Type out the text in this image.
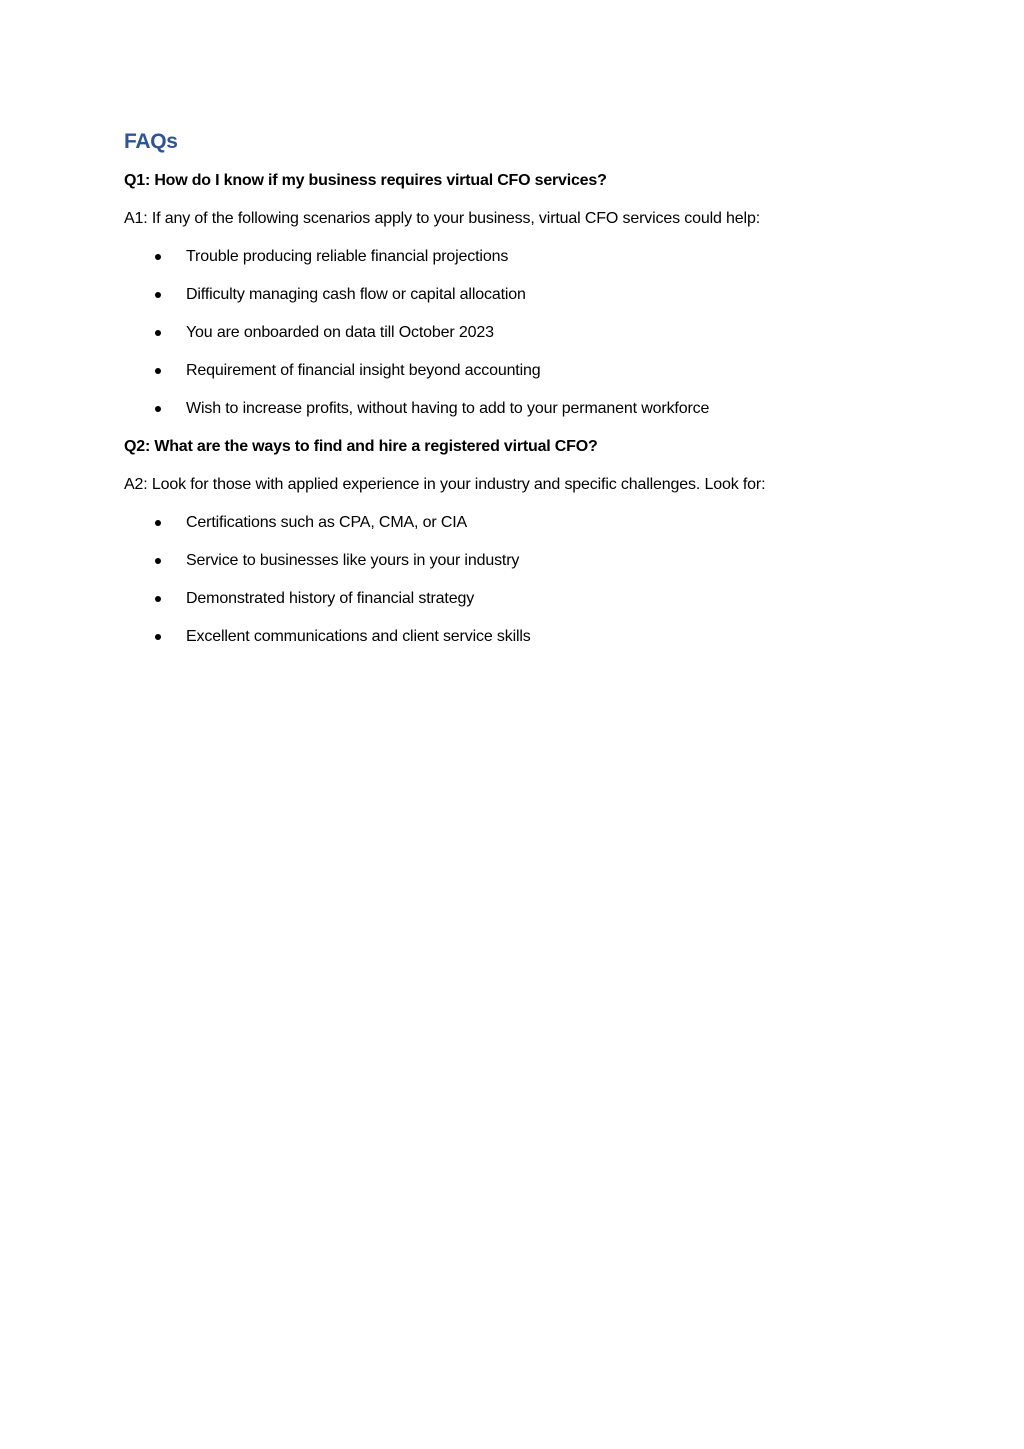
FAQs

Q1: How do I know if my business requires virtual CFO services?

A1: If any of the following scenarios apply to your business, virtual CFO services could help:

Trouble producing reliable financial projections
Difficulty managing cash flow or capital allocation
You are onboarded on data till October 2023
Requirement of financial insight beyond accounting
Wish to increase profits, without having to add to your permanent workforce

Q2: What are the ways to find and hire a registered virtual CFO?

A2: Look for those with applied experience in your industry and specific challenges. Look for:

Certifications such as CPA, CMA, or CIA
Service to businesses like yours in your industry
Demonstrated history of financial strategy
Excellent communications and client service skills
